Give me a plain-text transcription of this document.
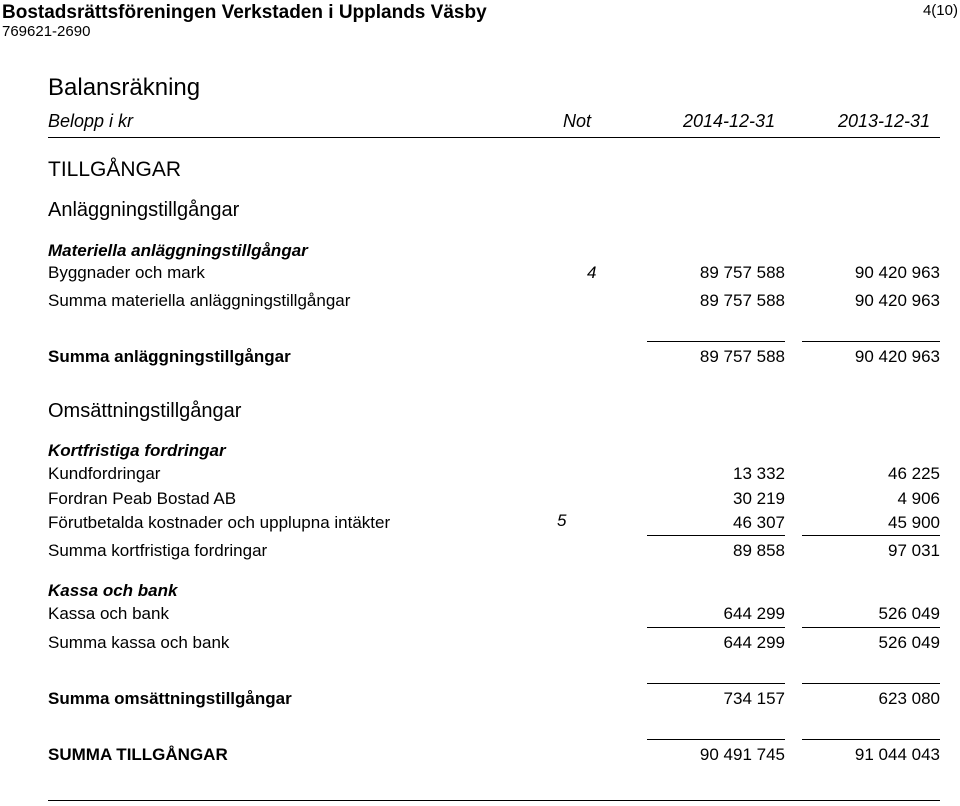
Bostadsrättsföreningen Verkstaden i Upplands Väsby
769621-2690
4(10)
Balansräkning
Belopp i kr	Not	2014-12-31	2013-12-31
TILLGÅNGAR
Anläggningstillgångar
Materiella anläggningstillgångar
Byggnader och mark	4	89 757 588	90 420 963
Summa materiella anläggningstillgångar	89 757 588	90 420 963
Summa anläggningstillgångar	89 757 588	90 420 963
Omsättningstillgångar
Kortfristiga fordringar
Kundfordringar	13 332	46 225
Fordran Peab Bostad AB	30 219	4 906
Förutbetalda kostnader och upplupna intäkter	5	46 307	45 900
Summa kortfristiga fordringar	89 858	97 031
Kassa och bank
Kassa och bank	644 299	526 049
Summa kassa och bank	644 299	526 049
Summa omsättningstillgångar	734 157	623 080
SUMMA TILLGÅNGAR	90 491 745	91 044 043
